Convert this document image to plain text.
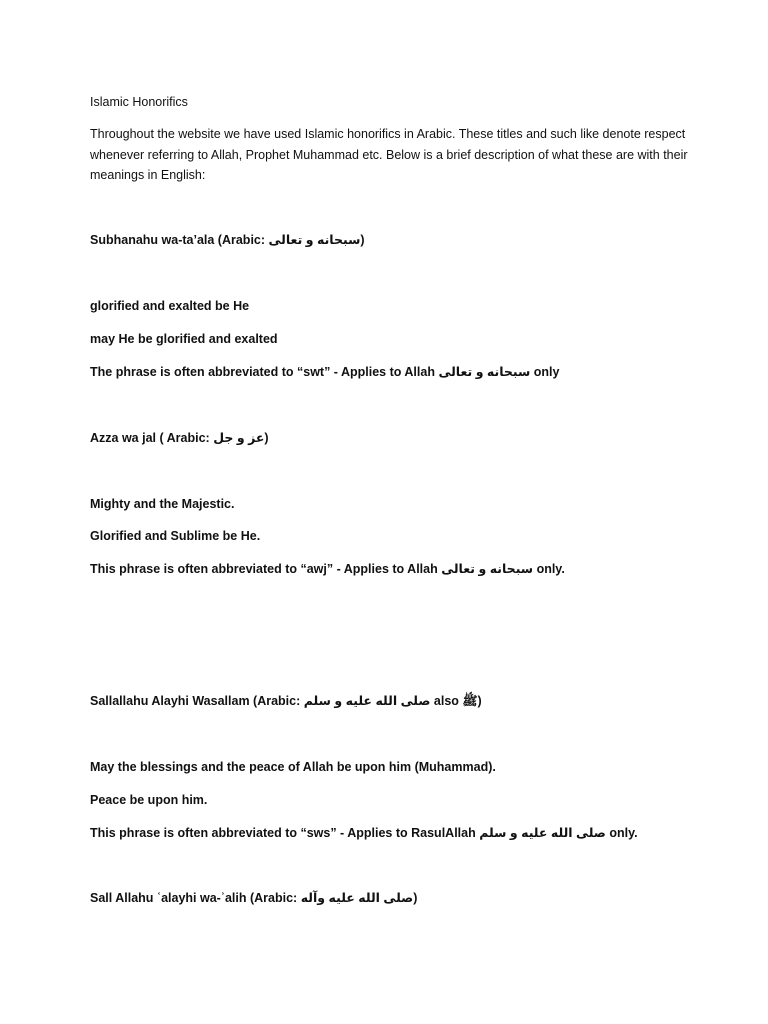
Islamic Honorifics
Throughout the website we have used Islamic honorifics in Arabic. These titles and such like denote respect whenever referring to Allah, Prophet Muhammad etc. Below is a brief description of what these are with their meanings in English:
Subhanahu wa-ta’ala (Arabic: سبحانه و تعالى)
glorified and exalted be He
may He be glorified and exalted
The phrase is often abbreviated to “swt” - Applies to Allah سبحانه و تعالى only
Azza wa jal ( Arabic: عز و جل)
Mighty and the Majestic.
Glorified and Sublime be He.
This phrase is often abbreviated to “awj” - Applies to Allah سبحانه و تعالى only.
Sallallahu Alayhi Wasallam (Arabic: صلى الله عليه و سلم also ﷺ)
May the blessings and the peace of Allah be upon him (Muhammad).
Peace be upon him.
This phrase is often abbreviated to “sws” - Applies to RasulAllah صلى الله عليه و سلم only.
Sall Allahu ʿalayhi wa-ʾalih (Arabic: صلى الله عليه وآله)
